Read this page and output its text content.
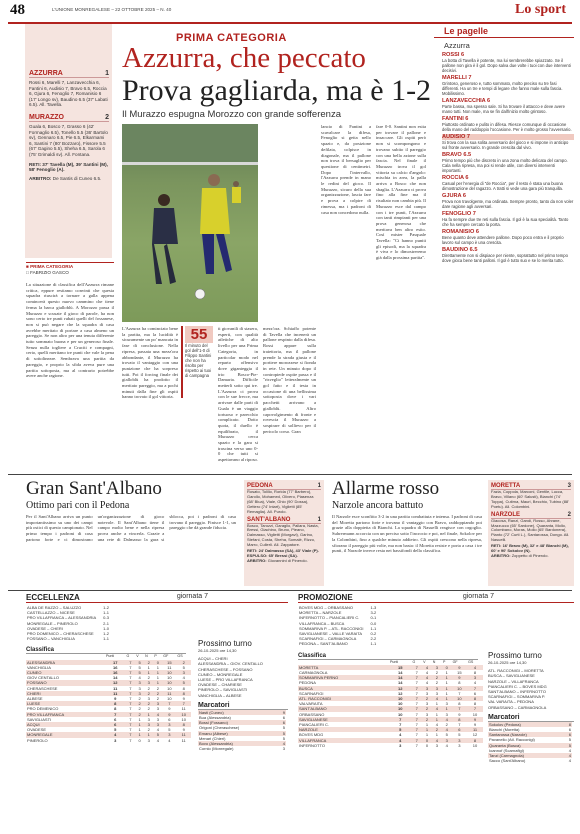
48	L'UNIONE MONREGALESE – 22 OTTOBRE 2025 – N. 40	Lo sport
AZZURRA	1
Rossi 6, Marelli 7, Lanzavecchia 6, Fantini 6, Audisio 7, Bravo 6.5, Roccia 6, Gjura 6, Fenoglio 7, Romanisio 6 (17' Longo sv), Baudino 6.5 (37' Labati 6.5). All. Tavella.
MURAZZO	2
Guala 6, Bosco 7, Grasso 6 (42' Formaglio 6.5), Tonello 5.5 (36' Bartolo sv), Gennaro 6.5, Pie 6.5, Elkarmami 6, Santini 7 (80' Bozzaro), Fissore 5.5 (67' Gagino 5.5), Sheha 6.5, Sarola 6 (75' Grimaldi sv). All. Fontana.
RETI: 37' Tavella (M), 39' Santini (M), 58' Fenoglio (A).
ARBITRO: De Santis di Cuneo 6.5.
PRIMA CATEGORIA
Azzurra, che peccato
Prova gagliarda, ma è 1-2
Il Murazzo espugna Morozzo con grande sofferenza
■ PRIMA CATEGORIA
□ FABRIZIO GASCO
La situazione di classifica dell'Azzurra rimane critica, eppure restiamo convinti che questa squadra riuscirà a tornare a galla appena comincerà questo nuovo cammino che tiene ferma la barca gialloblù. A Morozzo passa il Murazzo e scusate il gioco di parole, ha non sono certo tre punti rubati quelli del fossanese, non si può negare che la squadra di casa avrebbe meritato di portare a casa almeno un pareggio. Se non altro per una tenuta differente tutto sommato buona e per un generoso finale. Senza nulla togliere a Cruciti e compagni, certo, quelli meritano tre punti che vale la pena di sottolineare. Sembrava una partita da pareggio, e proprio la sfida aveva pure una partita sottoposta, ma al contrario potrebbe avere anche ragione.
L'Azzurra ha cominciato bene la partita, ma la lucidità è sicuramente un po' mancata in fase di conclusione. Nella ripresa, passata una mezz'ora abbondante, il Murazzo ha trovato il vantaggio con una punizione che ha sorpreso tutti. Poi il forcing finale dei gialloblù ha prodotto il meritato pareggio, ma a pochi minuti dalla fine gli ospiti hanno trovato il gol vittoria.
55
Il minuto del gol dell'1-0 di Filippo Santini che non ha risolto per rispetto ai tuoi di campagna
ti giovanili di stasera, esperti, con qualità atletiche di alto livello per una Prima Categoria, in particolar modo nel reparto offensivo dove giganteggia il trio Bosco-Pie-Damaria. Difficile metterli sotto qui tre. L'Azzurra ci prova con le sue frecce, ma arrivare dalle parti di Guala è un viaggio tortuoso e parecchio complicato. Dotto quota, il duello è equilibrato, il Murazzo cerca spazio e la gara si trascina verso uno 0-0 che tutti si aspettavano al riposo.
mezz'ora. Schiaffo potente di Tavella che incenerà un pallone respinto dalla difesa. Rossi appare sulla traiettoria, ma il pallone prende la strada giusta e il portiere morozzese si fionda in rete. Un minuto dopo il contropiede ospite passa e il "risveglio" letteralmente un gol fatto e il testa in occasione di una bellissima sottoposta dove i vari pacchetti arrivano a gialloblù. Altro capovolgimento di fronte e rovescia il Murazzo a sospirare di sollievo per il pericolo corso. Gran
lancio di Fantini a scavalcare la difesa, Fenoglio si getta nello spazio e, da posizione defilata, colpisce in diagonale, ma il pallone non trova il bersaglio per questione di centimetri. Dopo l'intervallo, l'Azzurra prende in mano le redini del gioco. Il Murazzo, sicuro della sua organizzazione, lascia fare e prova a colpire di rimessa, ma i padroni di casa non concedono nulla.
fare 0-0. Santini non esita per trovare il pallone e insaccare. Gli ospiti però non si scompongono e trovano subito il pareggio con una bella azione sulla fascia. Nel finale il Murazzo trova il gol vittoria su calcio d'angolo: mischia in area, la palla arriva a Bosco che non sbaglia. L'Azzurra ci prova fino alla fine ma il risultato non cambia più. Il Murazzo esce dal campo con i tre punti, l'Azzurra con tanti rimpianti per una prova generosa che meritava ben altro esito. Così mister Pasquale Tavella: "Ci hanno puniti gli episodi, ma la squadra è viva e lo dimostreremo già dalla prossima partita".
Le pagelle
Azzurra
ROSSI 6
La botta di Tavella è potente, ma lui sembrerebbe spiazzato. Se il pallone non gira è il gol. Dopo salva due volte i tuoi con due interventi decisivi.
MARELLI 7
Grintoso, generoso e, tutto sommato, molto preciso su tre fasi differenti. Ha un tre e tempi di legare che fanno male sulla fascia. Mobilissimo.
LANZAVECCHIA 6
Parte bassa, ma spesso sale. Si ha trovare il attacco e deve avere mano tutti. Non male, ma se fin dall'inizio molto grintoso.
FANTINI 6
Piuttosto ordinato e pulito in difesa. Riesce comunque di occasione della mano del raddoppio l'occasione. Per è molto grosso l'avversario.
AUDISIO 7
Si trova con la sua solita avversario del gioco e si impone in anticipo sul fronte avversario. In grande crescita dal vivo.
BRAVO 6.5
Primo tempo più che discreto in una zona molto delicata del campo. Cala nella ripresa, ma poi si rende utile, con diversi interventi importanti.
ROCCIA 6
Casual per l'energia di "de Roccia", per il resto è stata una buona dimostrazione del ragazzo. A tratti si vede una gara più tranquilla.
GJURA 6
Prova non travolgente, ma ordinata. Sempre pronto, tanto da non voler dare ragione agli avversari.
FENOGLIO 7
Ha fa sempre due tre reti sulla fascia. Il gol è la sua specialità. Tanto che ha sempre cercato la porta.
ROMANISIO 6
Bene quanto deve attendere pallone. Dopo poco entra e il proprio lavoro sul campo è una crescita.
BAUDINO 6.5
Direttamente non si dispiace per niente, soprattutto nel primo tempo dove gioca bene tanti palloni. Il gol è tutto suo e se lo merita tutto.
Gran Sant'Albano
Ottimo pari con il Pedona
Per il Sant'Albano arriva un punto importantissimo su uno dei campi più ostici di questo campionato. Nel primo tempo i padroni di casa partono forte e ci dimostrano un'organizzazione di gioco notevole. Il Sant'Albano tiene il campo molto bene e nella ripresa prova anche a vincerla. Grazie a una rete di Dalmasso la gara si sblocca, poi i padroni di casa trovano il pareggio. Finisce 1-1, un pareggio che dà grande fiducia.
PEDONA	1
Rosato, Tolilio, Rorida (77' Barbero), Garollo, Mohamed, Olivero, Piasenza (68' Blua), Viale, Ghio (90' Dossa), Gettero (74' Intart), Viglietti (85' Remaglia). All. Purolo.
SANT'ALBANO	1
Bosco, Tarozzi, Garaglio, Pallara, Nasta, Bressi, Giachino, Bruno, Pieano, Dalmasso, Viglietti (Morgavi), Garino, Stefani, Costa, Sheha, Somalè, Rizzo, Marro, Cullerli. All. Zappatore.
RETI: 24' Dalmasso (SA), 43' Viale (P).
ESPULSO: 65' Bressi (SA).
ARBITRO: Giovannini di Pinerolo.
Allarme rosso
Narzole ancora battuto
Il Narzole esce sconfitto 3-2 in una partita combattuta e intensa. I padroni di casa del Moretta partono forte e trovano il vantaggio con Bravo, raddoppiando poi grazie alla doppietta di Bianchi. La squadra di Nasuelli reagisce con orgoglio. Suhrermann accorcia con un preciso sotto l'incrocio e poi, nel finale, Sokolov per la Colombini, fino a qualche minuto addietro. Gli ospiti crescono nella ripresa, sfiorano il pareggio più volte, ma non basta: il Moretta resiste e porta a casa i tre punti, il Narzole invece resta nei bassifondi della classifica.
MORETTA	3
Fazia, Coppola, Marconi, Gentile, Lucca, Bravo, Villano (60' Salusti), Bianchi (74' Toppa), Cutirna, Mauri, Becchio, Tubino (88' Poetu). All. Colombini.
NARZOLE	2
Giacosa, Ranzi, Gandi, Rosso, Ahrane, Mazzucco (65' Sardone), Quaranta, Mollo, Colombano, Moras, Mollo (65' Bardonera), Pianto (72' Curti L.), Santarossa, Dongo. All. Nasuelli.
RETI: 16' Bravo (M), 32' e 48' Bianchi (M), 60' e 90' Sokolov (N).
ARBITRO: Zoppetto di Pinerolo.
ECCELLENZA	giornata 7
ALBA DE RAZZO – SALUZZO	1-2
CASTELLAZZO – NICESE	1-1
PRO VILLAFRANCA – ALESSANDRIA	0-3
MONREGALE – PINEROLO	2-1
OVADESE – CHERI	1-0
PRO DOMENICO – CHERASCHESE	1-2
FOSSANO – VANCHIGLIA	1-1
Classifica
	Punti	G	V	N	P	GF	GS
ALESSANDRIA	17	7	5	2	0	15	2
VANCHIGLIA	16	7	5	1	1	11	5
CUNEO	16	7	5	1	1	10	3
GIOV CENTALLO	14	7	4	2	1	10	4
FOSSANO	12	7	3	3	1	10	5
CHERASCHESE	11	7	3	2	2	10	8
CHIERI	11	7	3	2	2	11	8
ALBESE	9	7	2	3	2	10	9
LUESE	8	7	2	2	3	7	7
PRO DEMENICO	8	7	2	2	3	9	11
PRO VILLAFRANCA	7	7	2	1	4	9	10
SAVIGLIASTI	6	7	1	3	3	6	10
ACQUI	6	7	1	3	3	3	8
OVADESE	5	7	1	2	4	5	9
MONREGALE	4	7	1	1	5	3	11
PINEROLO	3	7	0	3	4	4	11
Prossimo turno
26-10-2025 ore 14,30
ACQUI – CHERI
ALESSANDRIA – GIOV. CENTALLO
CHERASCHESE – FOSSANO
CUNEO – MONREGALE
LUESE – PRO VILLAFRANCA
OVADESE – CHARIESE
PINEROLO – SAVIGLIASTI
VANCHIGLIA – ALBESE
Marcatori
Nasti (Cuneo)	9
Bua (Alessandria)	6
Bossi (Fossano)	6
Origoni (Cheraschese)	5
Emanu (Albese)	5
Menari (Chieri)	5
Bovo (Alessandria)	4
Cornio (Monregale)	3
PROMOZIONE	giornata 7
BOVES MDG – ORBASSANO	1-3
MORETTA – NARZOLE	3-2
INFERNOTTO – PIANCALIERI C.	0-1
VILLAFRANCA – BUSCA	0-0
SOMMARIVA P. – ATL. RACCONIGI	1-1
SAVIGLIANESE – VALLE VARAITA	0-2
SCARNAFIGI – CARMAGNOLA	2-2
PEDONA – SANT'ALBANO	1-1
Classifica
	Punti	G	V	N	P	GF	GS
MORETTA	15	7	4	3	0	9	4
CARMAGNOLA	14	7	4	2	1	15	8
SOMMARIVA PERNO	14	7	4	2	1	9	3
PEDONA	14	7	4	2	1	8	4
BUSCA	12	7	3	3	1	10	7
SCARNAFIGI	12	7	3	3	1	7	6
ATL. RACCONIGI	10	7	2	4	1	10	8
VALVARAITA	10	7	3	1	3	8	8
SANT'ALBANO	10	7	2	4	1	7	7
ORBASSANO	10	7	3	1	3	9	10
SAVIGLIANESE	7	7	2	1	4	8	9
PIANCALIERI C.	7	7	1	4	2	7	9
NARZOLE	5	7	1	2	4	6	11
BOVES MDG	4	7	1	1	5	5	12
VILLAFRANCA	4	7	0	4	3	3	8
INFERNOTTO	3	7	0	3	4	3	10
Prossimo turno
26-10-2025 ore 14,30
ATL. RACCONIGI – MORETTA
BUSCA – SAVIGLIANESE
NARZOLE – VILLAFRANCA
PIANCALIERI C. – BOVES MDG
SANT'ALBANO – INFERNOTTO
SCARNAFIGI – SOMMARIVA P.
VAL VARAITA – PEDONA
ORBASSANO – CARMAGNOLA
Marcatori
Sokolov (Pedona)	8
Bianchi (Moretta)	6
Santarossa (Narzole)	6
Pavanello (Atl. Racconigi)	5
Quaranta (Busca)	5
Ioannof (Scarnafigi)	4
Tanzi (Carmagnola)	4
Sacco (Sant'Albano)	4
